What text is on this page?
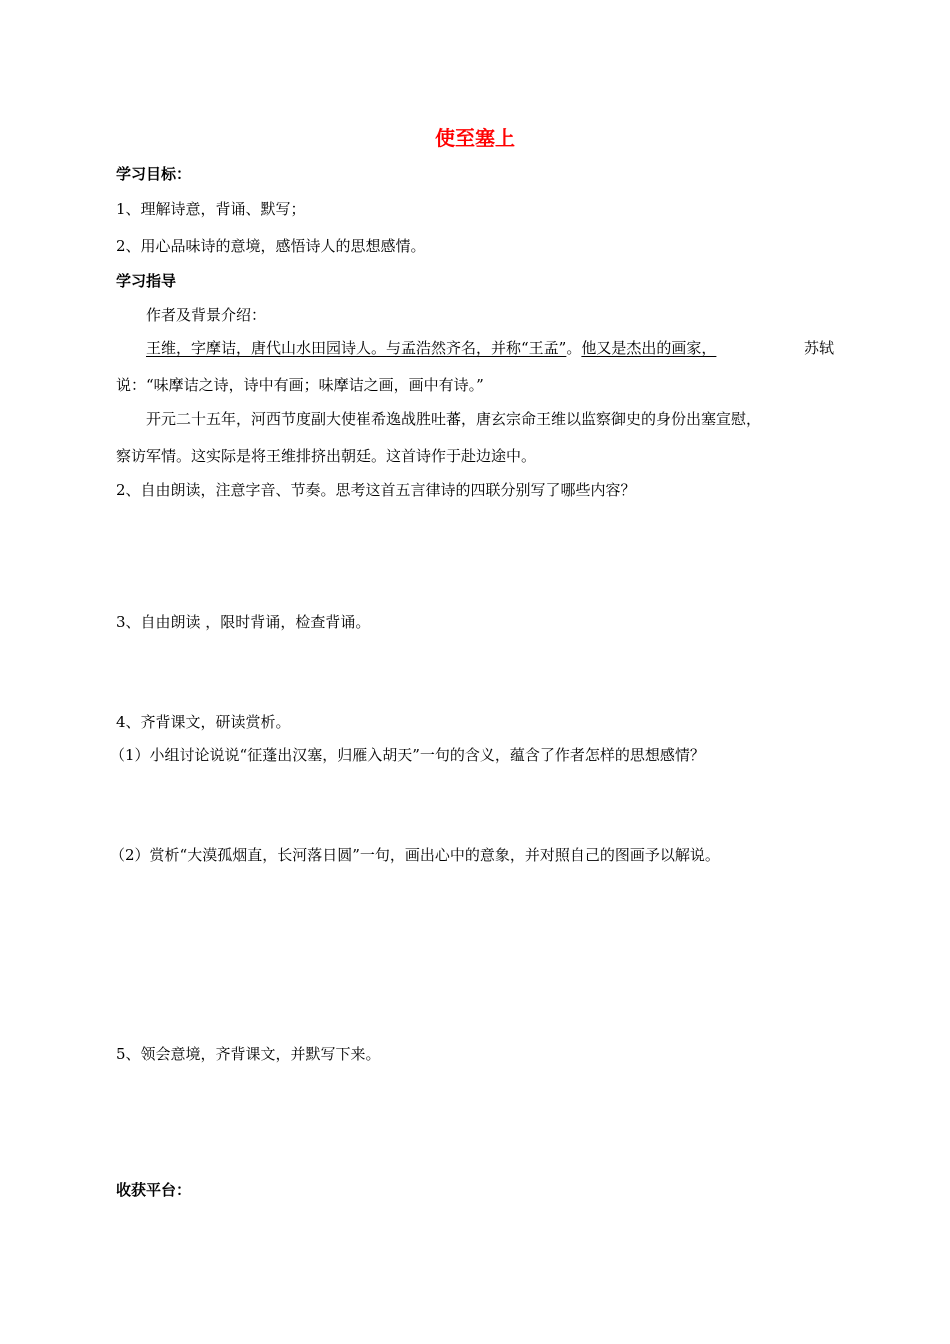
使至塞上
学习目标：
1、理解诗意，背诵、默写；
2、用心品味诗的意境，感悟诗人的思想感情。
学习指导
作者及背景介绍：
王维，字摩诘，唐代山水田园诗人。与孟浩然齐名，并称“王孟”。他又是杰出的画家，	苏轼
说：“味摩诘之诗，诗中有画；味摩诘之画，画中有诗。”
开元二十五年，河西节度副大使崔希逸战胜吐蕃，唐玄宗命王维以监察御史的身份出塞宣慰，
察访军情。这实际是将王维排挤出朝廷。这首诗作于赴边途中。
2、自由朗读，注意字音、节奏。思考这首五言律诗的四联分别写了哪些内容？
3、自由朗读 ，限时背诵，检查背诵。
4、齐背课文，研读赏析。
（1）小组讨论说说“征蓬出汉塞，归雁入胡天”一句的含义，蕴含了作者怎样的思想感情？
（2）赏析“大漠孤烟直，长河落日圆”一句，画出心中的意象，并对照自己的图画予以解说。
5、领会意境，齐背课文，并默写下来。
收获平台：
